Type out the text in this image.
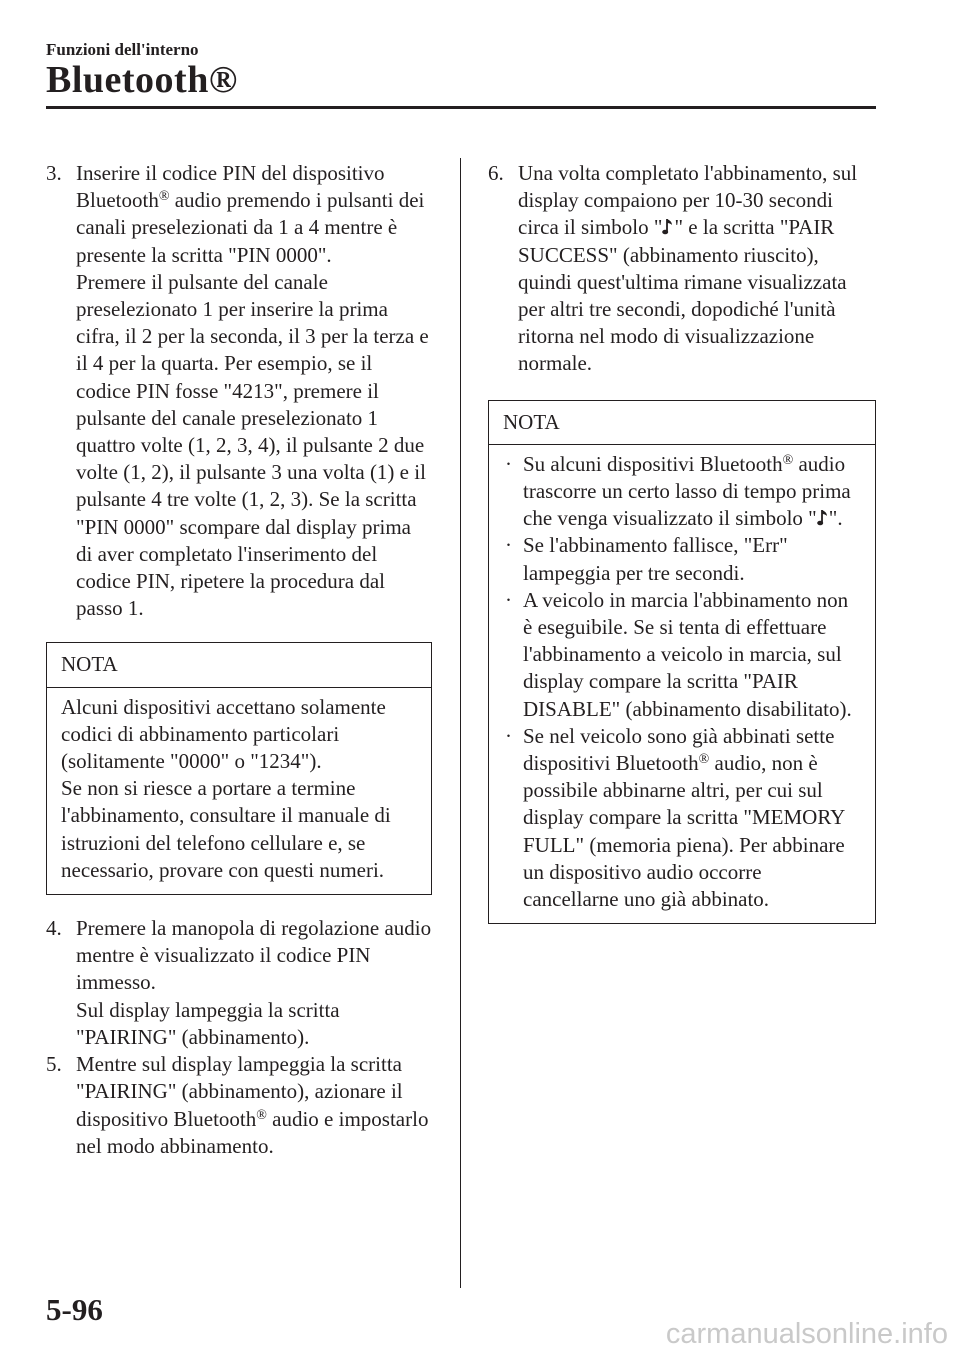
Funzioni dell'interno
Bluetooth®
3. Inserire il codice PIN del dispositivo Bluetooth® audio premendo i pulsanti dei canali preselezionati da 1 a 4 mentre è presente la scritta "PIN 0000".

Premere il pulsante del canale preselezionato 1 per inserire la prima cifra, il 2 per la seconda, il 3 per la terza e il 4 per la quarta. Per esempio, se il codice PIN fosse "4213", premere il pulsante del canale preselezionato 1 quattro volte (1, 2, 3, 4), il pulsante 2 due volte (1, 2), il pulsante 3 una volta (1) e il pulsante 4 tre volte (1, 2, 3). Se la scritta "PIN 0000" scompare dal display prima di aver completato l'inserimento del codice PIN, ripetere la procedura dal passo 1.

NOTA

Alcuni dispositivi accettano solamente codici di abbinamento particolari (solitamente "0000" o "1234").

Se non si riesce a portare a termine l'abbinamento, consultare il manuale di istruzioni del telefono cellulare e, se necessario, provare con questi numeri.

4. Premere la manopola di regolazione audio mentre è visualizzato il codice PIN immesso.

Sul display lampeggia la scritta "PAIRING" (abbinamento).

5. Mentre sul display lampeggia la scritta "PAIRING" (abbinamento), azionare il dispositivo Bluetooth® audio e impostarlo nel modo abbinamento.

6. Una volta completato l'abbinamento, sul display compaiono per 10-30 secondi circa il simbolo " " e la scritta "PAIR SUCCESS" (abbinamento riuscito), quindi quest'ultima rimane visualizzata per altri tre secondi, dopodiché l'unità ritorna nel modo di visualizzazione normale.

NOTA
· Su alcuni dispositivi Bluetooth® audio trascorre un certo lasso di tempo prima che venga visualizzato il simbolo " ".
· Se l'abbinamento fallisce, "Err" lampeggia per tre secondi.
· A veicolo in marcia l'abbinamento non è eseguibile. Se si tenta di effettuare l'abbinamento a veicolo in marcia, sul display compare la scritta "PAIR DISABLE" (abbinamento disabilitato).
· Se nel veicolo sono già abbinati sette dispositivi Bluetooth® audio, non è possibile abbinarne altri, per cui sul display compare la scritta "MEMORY FULL" (memoria piena). Per abbinare un dispositivo audio occorre cancellarne uno già abbinato.
5-96
carmanualsonline.info
